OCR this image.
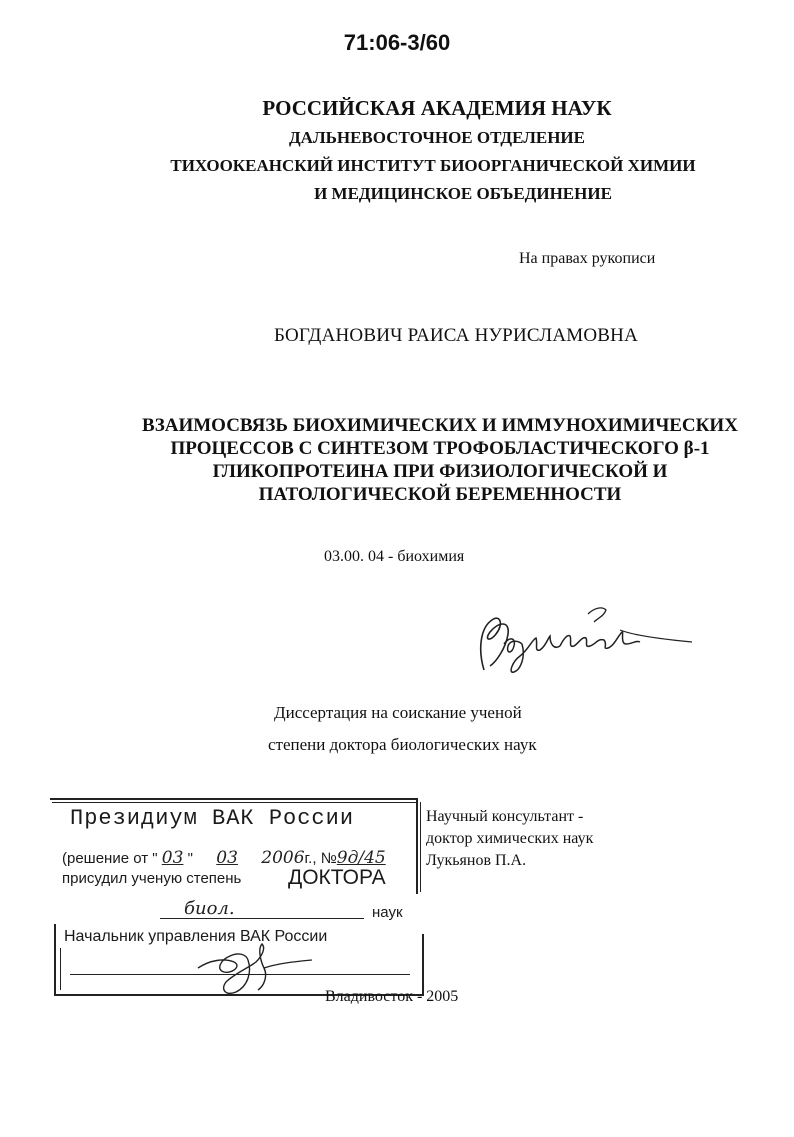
71:06-3/60
РОССИЙСКАЯ АКАДЕМИЯ НАУК
ДАЛЬНЕВОСТОЧНОЕ ОТДЕЛЕНИЕ
ТИХООКЕАНСКИЙ ИНСТИТУТ БИООРГАНИЧЕСКОЙ ХИМИИ
И МЕДИЦИНСКОЕ ОБЪЕДИНЕНИЕ
На правах рукописи
БОГДАНОВИЧ РАИСА НУРИСЛАМОВНА
ВЗАИМОСВЯЗЬ БИОХИМИЧЕСКИХ И ИММУНОХИМИЧЕСКИХ ПРОЦЕССОВ С СИНТЕЗОМ ТРОФОБЛАСТИЧЕСКОГО β-1 ГЛИКОПРОТЕИНА ПРИ ФИЗИОЛОГИЧЕСКОЙ И ПАТОЛОГИЧЕСКОЙ БЕРЕМЕННОСТИ
03.00. 04 - биохимия
Диссертация на соискание ученой
степени доктора биологических наук
Научный консультант -
доктор химических наук
Лукьянов П.А.
Президиум ВАК России
(решение от " 03 " 03 2006г., №9д/45
присудил ученую степень ДОКТОРА
биол.	наук
Начальник управления ВАК России
Владивосток - 2005
